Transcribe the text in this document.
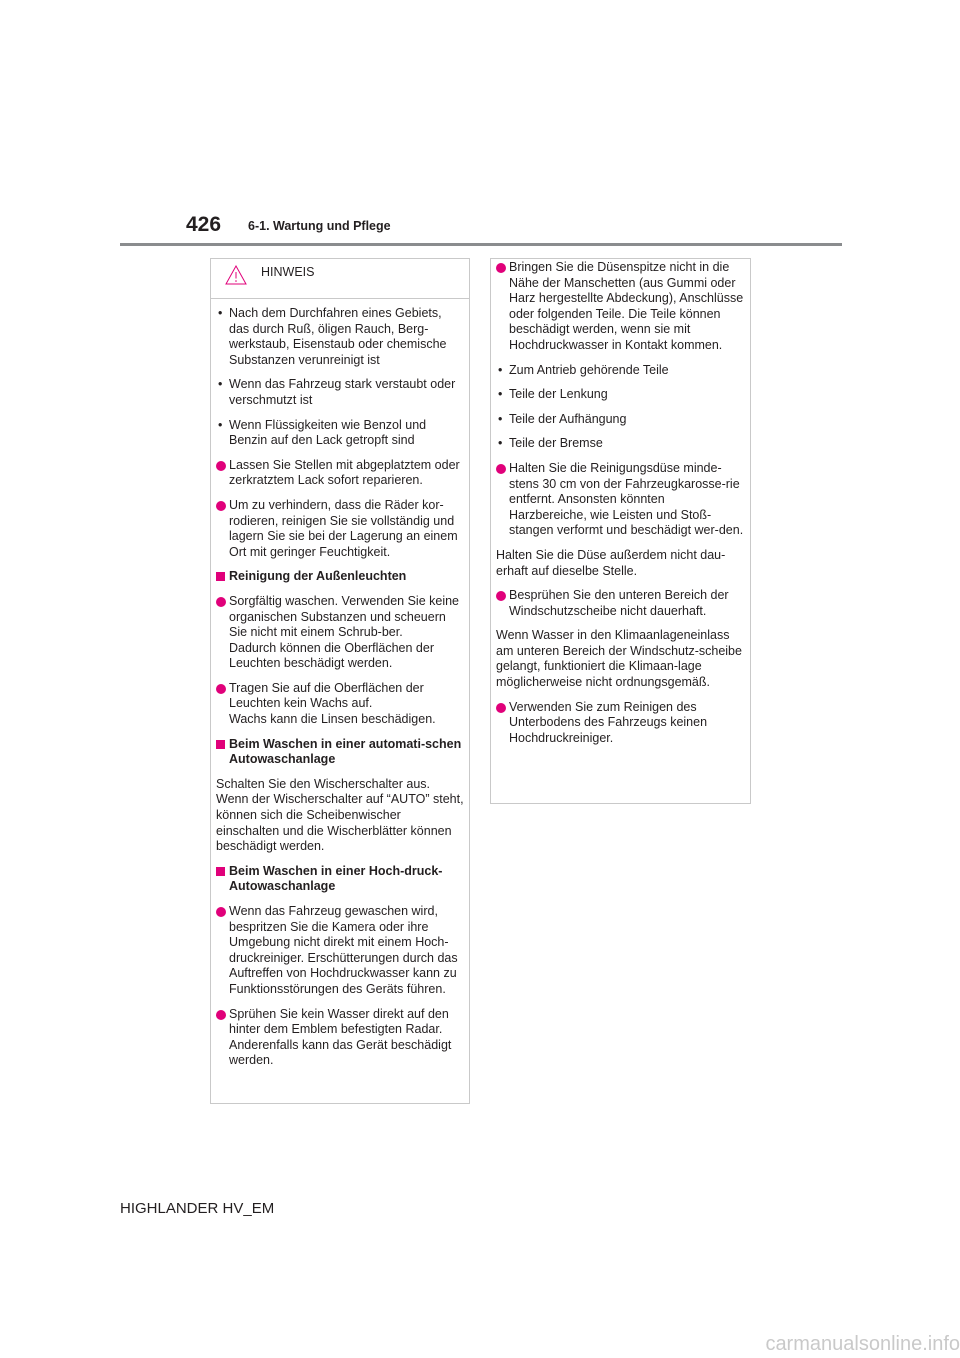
426 6-1. Wartung und Pflege
HINWEIS
• Nach dem Durchfahren eines Gebiets, das durch Ruß, öligen Rauch, Berg-werkstaub, Eisenstaub oder chemische Substanzen verunreinigt ist
• Wenn das Fahrzeug stark verstaubt oder verschmutzt ist
• Wenn Flüssigkeiten wie Benzol und Benzin auf den Lack getropft sind
Lassen Sie Stellen mit abgeplatztem oder zerkratztem Lack sofort reparieren.
Um zu verhindern, dass die Räder kor-rodieren, reinigen Sie sie vollständig und lagern Sie sie bei der Lagerung an einem Ort mit geringer Feuchtigkeit.
Reinigung der Außenleuchten
Sorgfältig waschen. Verwenden Sie keine organischen Substanzen und scheuern Sie nicht mit einem Schrub-ber.
Dadurch können die Oberflächen der Leuchten beschädigt werden.
Tragen Sie auf die Oberflächen der Leuchten kein Wachs auf.
Wachs kann die Linsen beschädigen.
Beim Waschen in einer automati-schen Autowaschanlage
Schalten Sie den Wischerschalter aus. Wenn der Wischerschalter auf “AUTO” steht, können sich die Scheibenwischer einschalten und die Wischerblätter können beschädigt werden.
Beim Waschen in einer Hoch-druck-Autowaschanlage
Wenn das Fahrzeug gewaschen wird, bespritzen Sie die Kamera oder ihre Umgebung nicht direkt mit einem Hoch-druckreiniger. Erschütterungen durch das Auftreffen von Hochdruckwasser kann zu Funktionsstörungen des Geräts führen.
Sprühen Sie kein Wasser direkt auf den hinter dem Emblem befestigten Radar. Anderenfalls kann das Gerät beschädigt werden.
Bringen Sie die Düsenspitze nicht in die Nähe der Manschetten (aus Gummi oder Harz hergestellte Abdeckung), Anschlüsse oder folgenden Teile. Die Teile können beschädigt werden, wenn sie mit Hochdruckwasser in Kontakt kommen.
• Zum Antrieb gehörende Teile
• Teile der Lenkung
• Teile der Aufhängung
• Teile der Bremse
Halten Sie die Reinigungsdüse minde-stens 30 cm von der Fahrzeugkarosse-rie entfernt. Ansonsten könnten Harzbereiche, wie Leisten und Stoß-stangen verformt und beschädigt wer-den.
Halten Sie die Düse außerdem nicht dau-erhaft auf dieselbe Stelle.
Besprühen Sie den unteren Bereich der Windschutzscheibe nicht dauerhaft.
Wenn Wasser in den Klimaanlageneinlass am unteren Bereich der Windschutz-scheibe gelangt, funktioniert die Klimaan-lage möglicherweise nicht ordnungsgemäß.
Verwenden Sie zum Reinigen des Unterbodens des Fahrzeugs keinen Hochdruckreiniger.
HIGHLANDER HV_EM
carmanualsonline.info
